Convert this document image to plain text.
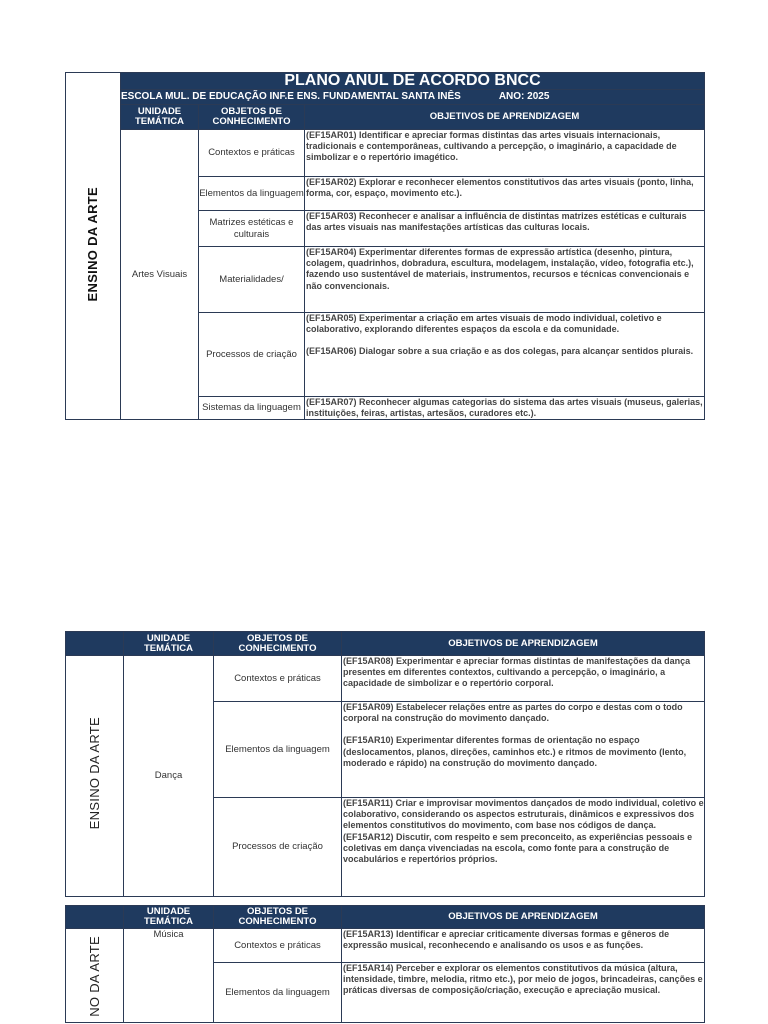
ENSINO DA ARTE	PLANO ANUL DE ACORDO BNCC		
	ESCOLA MUL. DE EDUCAÇÃO INF.E ENS. FUNDAMENTAL SANTA INÊS ANO: 2025		
	UNIDADE TEMÁTICA	OBJETOS DE CONHECIMENTO	OBJETIVOS DE APRENDIZAGEM
	Artes Visuais	Contextos e práticas	(EF15AR01) Identificar e apreciar formas distintas das artes visuais internacionais, tradicionais e contemporâneas, cultivando a percepção, o imaginário, a capacidade de simbolizar e o repertório imagético.

		Elementos da linguagem	(EF15AR02) Explorar e reconhecer elementos constitutivos das artes visuais (ponto, linha, forma, cor, espaço, movimento etc.).

		Matrizes estéticas e culturais	(EF15AR03) Reconhecer e analisar a influência de distintas matrizes estéticas e culturais das artes visuais nas manifestações artísticas das culturas locais.

		Materialidades/	(EF15AR04) Experimentar diferentes formas de expressão artística (desenho, pintura, colagem, quadrinhos, dobradura, escultura, modelagem, instalação, vídeo, fotografia etc.), fazendo uso sustentável de materiais, instrumentos, recursos e técnicas convencionais e não convencionais.

		Processos de criação	(EF15AR05) Experimentar a criação em artes visuais de modo individual, coletivo e colaborativo, explorando diferentes espaços da escola e da comunidade.

(EF15AR06) Dialogar sobre a sua criação e as dos colegas, para alcançar sentidos plurais.

		Sistemas da linguagem	(EF15AR07) Reconhecer algumas categorias do sistema das artes visuais (museus, galerias, instituições, feiras, artistas, artesãos, curadores etc.).

	UNIDADE TEMÁTICA	OBJETOS DE CONHECIMENTO	OBJETIVOS DE APRENDIZAGEM
ENSINO DA ARTE	Dança	Contextos e práticas	(EF15AR08) Experimentar e apreciar formas distintas de manifestações da dança presentes em diferentes contextos, cultivando a percepção, o imaginário, a capacidade de simbolizar e o repertório corporal.

		Elementos da linguagem	(EF15AR09) Estabelecer relações entre as partes do corpo e destas com o todo corporal na construção do movimento dançado.

(EF15AR10) Experimentar diferentes formas de orientação no espaço (deslocamentos, planos, direções, caminhos etc.) e ritmos de movimento (lento, moderado e rápido) na construção do movimento dançado.

		Processos de criação	(EF15AR11) Criar e improvisar movimentos dançados de modo individual, coletivo e colaborativo, considerando os aspectos estruturais, dinâmicos e expressivos dos elementos constitutivos do movimento, com base nos códigos de dança.

(EF15AR12) Discutir, com respeito e sem preconceito, as experiências pessoais e coletivas em dança vivenciadas na escola, como fonte para a construção de vocabulários e repertórios próprios.

	UNIDADE TEMÁTICA	OBJETOS DE CONHECIMENTO	OBJETIVOS DE APRENDIZAGEM
NO DA ARTE	Música	Contextos e práticas	(EF15AR13) Identificar e apreciar criticamente diversas formas e gêneros de expressão musical, reconhecendo e analisando os usos e as funções.

		Elementos da linguagem	(EF15AR14) Perceber e explorar os elementos constitutivos da música (altura, intensidade, timbre, melodia, ritmo etc.), por meio de jogos, brincadeiras, canções e práticas diversas de composição/criação, execução e apreciação musical.
